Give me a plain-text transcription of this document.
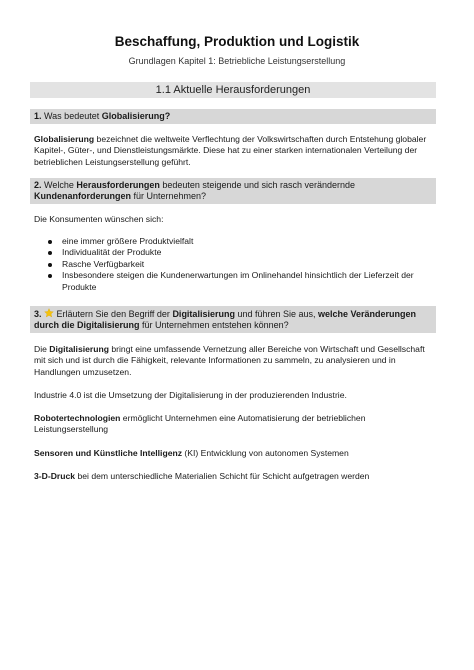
Beschaffung, Produktion und Logistik
Grundlagen Kapitel 1: Betriebliche Leistungserstellung
1.1 Aktuelle Herausforderungen
1. Was bedeutet Globalisierung?
Globalisierung bezeichnet die weltweite Verflechtung der Volkswirtschaften durch Entstehung globaler Kapitel-, Güter-, und Dienstleistungsmärkte. Diese hat zu einer starken internationalen Verteilung der betrieblichen Leistungserstellung geführt.
2. Welche Herausforderungen bedeuten steigende und sich rasch verändernde Kundenanforderungen für Unternehmen?
Die Konsumenten wünschen sich:
eine immer größere Produktvielfalt
Individualität der Produkte
Rasche Verfügbarkeit
Insbesondere steigen die Kundenerwartungen im Onlinehandel hinsichtlich der Lieferzeit der Produkte
3.  Erläutern Sie den Begriff der Digitalisierung und führen Sie aus, welche Veränderungen durch die Digitalisierung für Unternehmen entstehen können?
Die Digitalisierung bringt eine umfassende Vernetzung aller Bereiche von Wirtschaft und Gesellschaft mit sich und ist durch die Fähigkeit, relevante Informationen zu sammeln, zu analysieren und in Handlungen umzusetzen.
Industrie 4.0 ist die Umsetzung der Digitalisierung in der produzierenden Industrie.
Robotertechnologien ermöglicht Unternehmen eine Automatisierung der betrieblichen Leistungserstellung
Sensoren und Künstliche Intelligenz (KI) Entwicklung von autonomen Systemen
3-D-Druck bei dem unterschiedliche Materialien Schicht für Schicht aufgetragen werden
